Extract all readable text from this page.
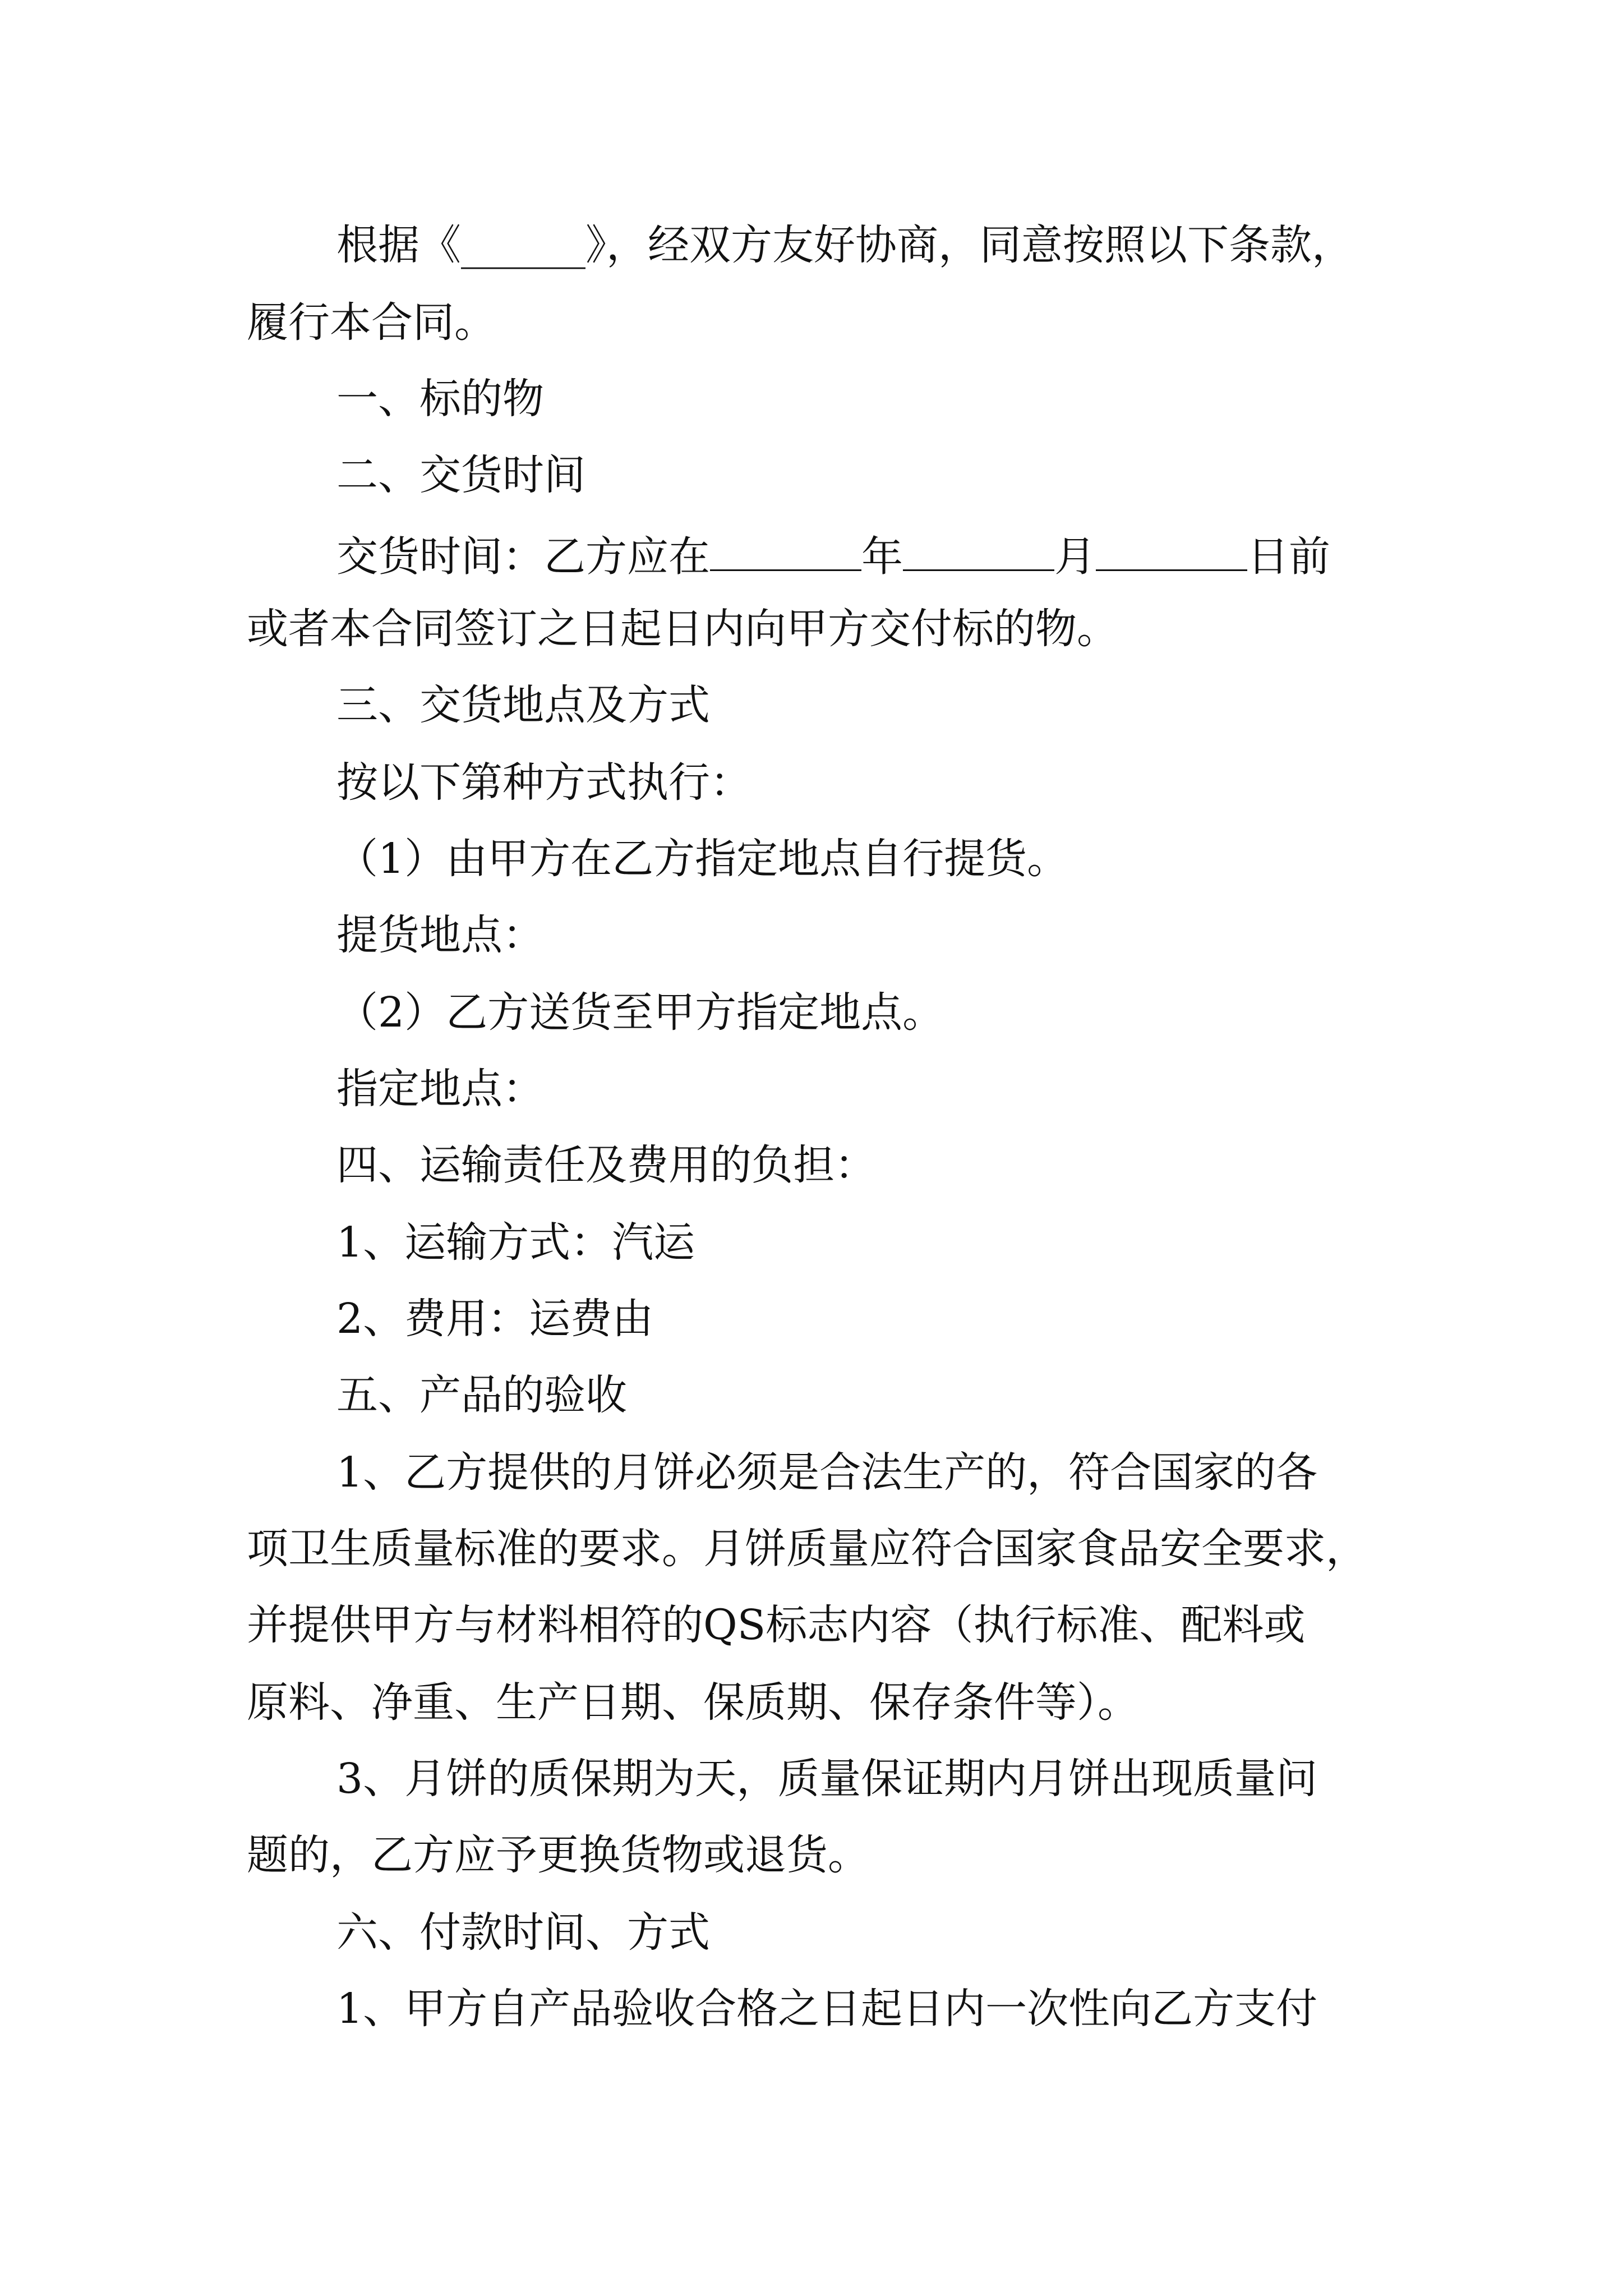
根据《______》，经双方友好协商，同意按照以下条款，
履行本合同。
一、标的物
二、交货时间
交货时间：乙方应在	年	月	日前
或者本合同签订之日起日内向甲方交付标的物。
三、交货地点及方式
按以下第种方式执行：
（1）由甲方在乙方指定地点自行提货。
提货地点：
（2）乙方送货至甲方指定地点。
指定地点：
四、运输责任及费用的负担：
1、运输方式：汽运
2、费用：运费由
五、产品的验收
1、乙方提供的月饼必须是合法生产的，符合国家的各
项卫生质量标准的要求。月饼质量应符合国家食品安全要求，
并提供甲方与材料相符的QS标志内容（执行标准、配料或
原料、净重、生产日期、保质期、保存条件等）。
3、月饼的质保期为天，质量保证期内月饼出现质量问
题的，乙方应予更换货物或退货。
六、付款时间、方式
1、甲方自产品验收合格之日起日内一次性向乙方支付
